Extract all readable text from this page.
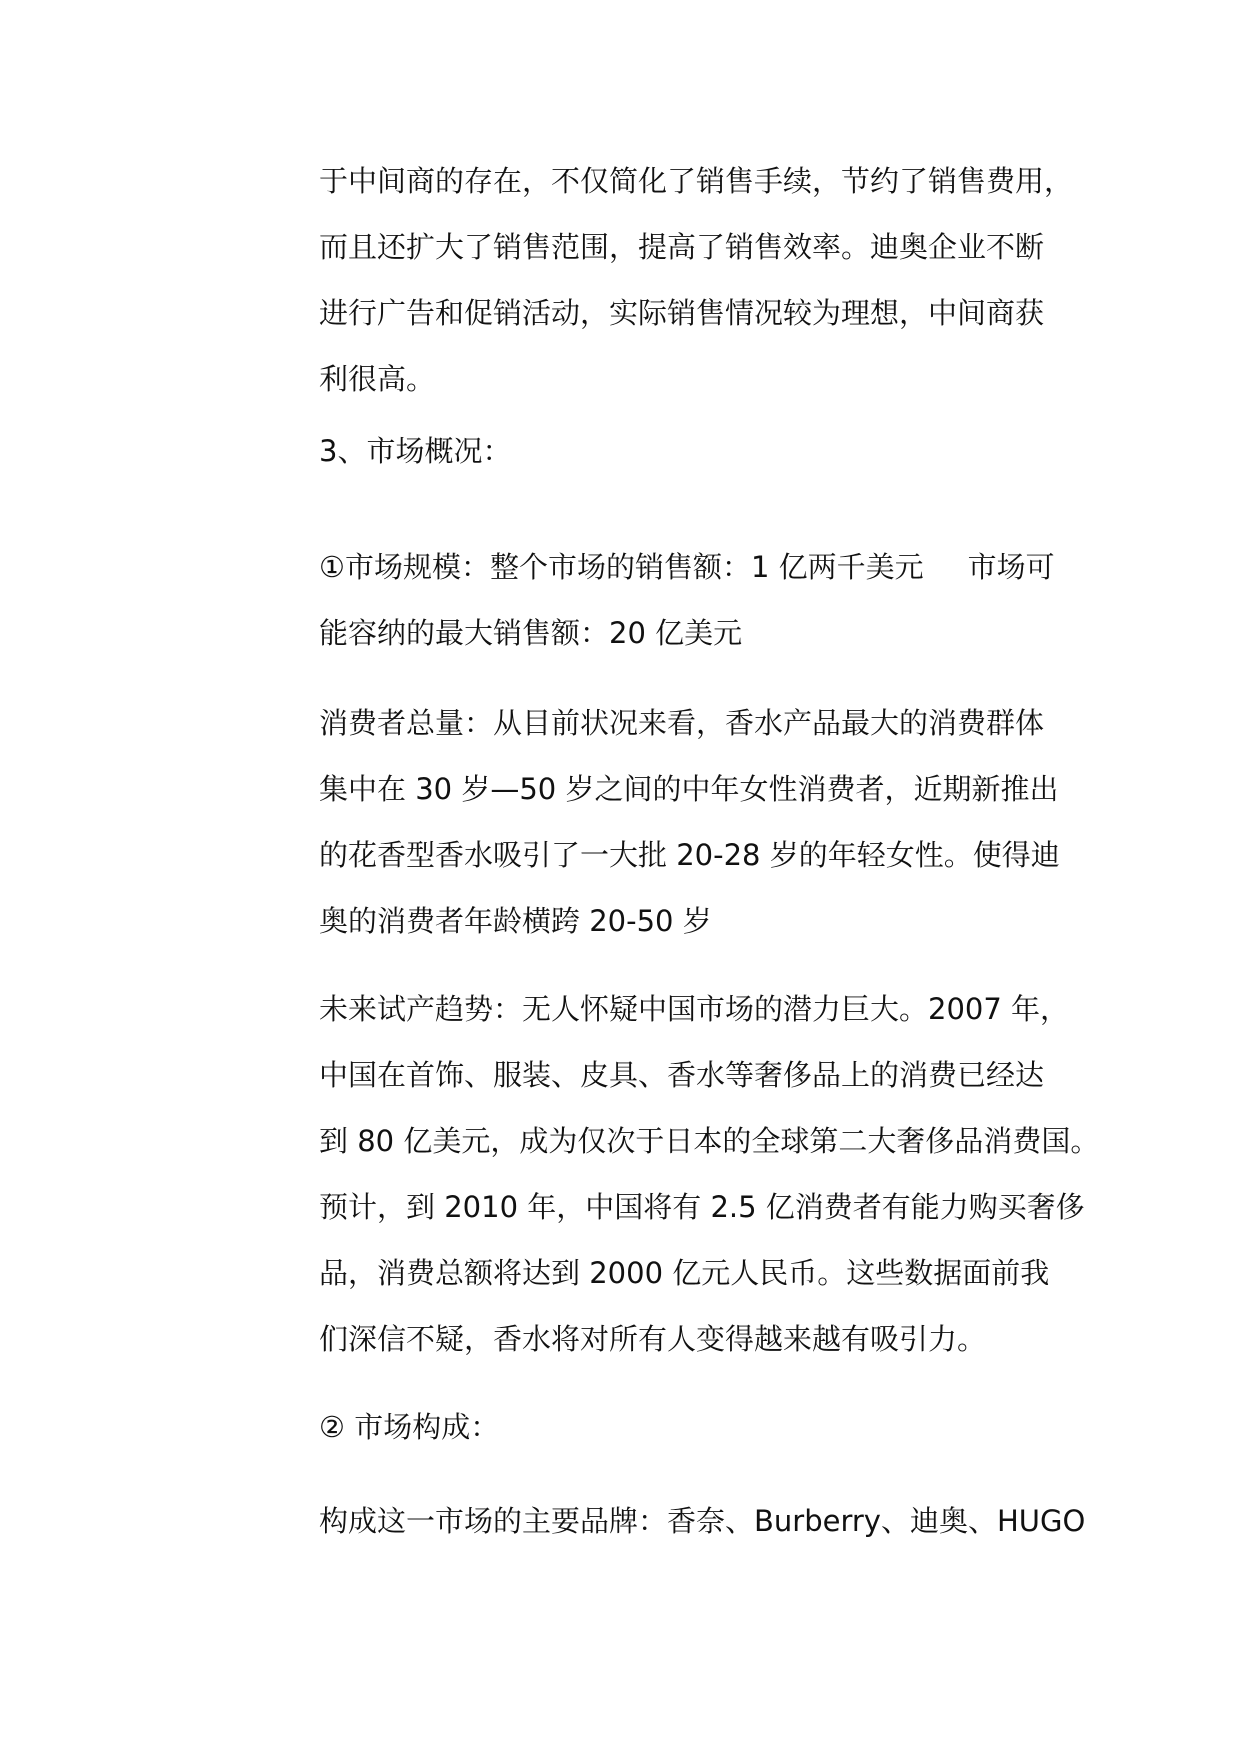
于中间商的存在，不仅简化了销售手续，节约了销售费用，
而且还扩大了销售范围，提高了销售效率。迪奥企业不断
进行广告和促销活动，实际销售情况较为理想，中间商获
利很高。
3、市场概况：
①市场规模：整个市场的销售额：1 亿两千美元 市场可
能容纳的最大销售额：20 亿美元
消费者总量：从目前状况来看，香水产品最大的消费群体
集中在 30 岁—50 岁之间的中年女性消费者，近期新推出
的花香型香水吸引了一大批 20-28 岁的年轻女性。使得迪
奥的消费者年龄横跨 20-50 岁
未来试产趋势：无人怀疑中国市场的潜力巨大。2007 年，
中国在首饰、服装、皮具、香水等奢侈品上的消费已经达
到 80 亿美元，成为仅次于日本的全球第二大奢侈品消费国。
预计，到 2010 年，中国将有 2.5 亿消费者有能力购买奢侈
品，消费总额将达到 2000 亿元人民币。这些数据面前我
们深信不疑，香水将对所有人变得越来越有吸引力。
② 市场构成：
构成这一市场的主要品牌：香奈、Burberry、迪奥、HUGO
